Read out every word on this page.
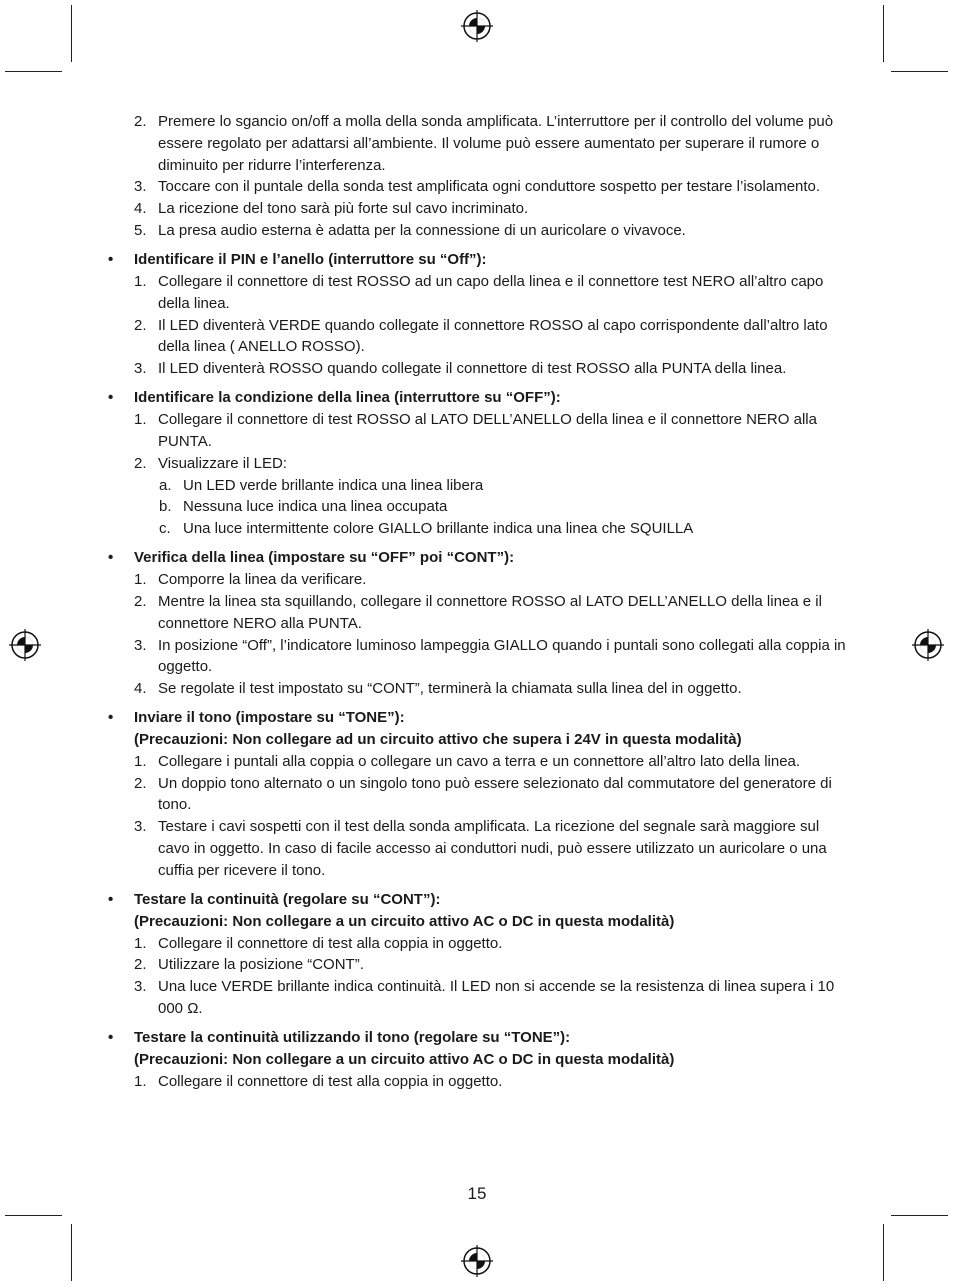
2. Premere lo sgancio on/off a molla della sonda amplificata. L’interruttore per il controllo del volume può essere regolato per adattarsi all’ambiente. Il volume può essere aumentato per superare il rumore o diminuito per ridurre l’interferenza.
3. Toccare con il puntale della sonda test amplificata ogni conduttore sospetto per testare l’isolamento.
4. La ricezione del tono sarà più forte sul cavo incriminato.
5. La presa audio esterna è adatta per la connessione di un auricolare o vivavoce.
• Identificare il PIN e l’anello (interruttore su “Off”):
1. Collegare il connettore di test ROSSO ad un capo della linea e il connettore test NERO all’altro capo della linea.
2. Il LED diventerà VERDE quando collegate il connettore ROSSO al capo corrispondente dall’altro lato della linea ( ANELLO ROSSO).
3. Il LED diventerà ROSSO quando collegate il connettore di test ROSSO alla PUNTA della linea.
• Identificare la condizione della linea (interruttore su “OFF”):
1. Collegare il connettore di test ROSSO al LATO DELL’ANELLO della linea e il connettore NERO alla PUNTA.
2. Visualizzare il LED:
a. Un LED verde brillante indica una linea libera
b. Nessuna luce indica una linea occupata
c. Una luce intermittente colore GIALLO brillante indica una linea che SQUILLA
• Verifica della linea (impostare su “OFF” poi “CONT”):
1. Comporre la linea da verificare.
2. Mentre la linea sta squillando, collegare il connettore ROSSO al LATO DELL’ANELLO della linea e il connettore NERO alla PUNTA.
3. In posizione “Off”, l’indicatore luminoso lampeggia GIALLO quando i puntali sono collegati alla coppia in oggetto.
4. Se regolate il test impostato su “CONT”, terminerà la chiamata sulla linea del in oggetto.
• Inviare il tono (impostare su “TONE”):
(Precauzioni: Non collegare ad un circuito attivo che supera i 24V in questa modalità)
1. Collegare i puntali alla coppia o collegare un cavo a terra e un connettore all’altro lato della linea.
2. Un doppio tono alternato o un singolo tono può essere selezionato dal commutatore del generatore di tono.
3. Testare i cavi sospetti con il test della sonda amplificata. La ricezione del segnale sarà maggiore sul cavo in oggetto. In caso di facile accesso ai conduttori nudi, può essere utilizzato un auricolare o una cuffia per ricevere il tono.
• Testare la continuità (regolare su “CONT”):
(Precauzioni: Non collegare a un circuito attivo AC o DC in questa modalità)
1. Collegare il connettore di test alla coppia in oggetto.
2. Utilizzare la posizione “CONT”.
3. Una luce VERDE brillante indica continuità. Il LED non si accende se la resistenza di linea supera i 10 000 Ω.
• Testare la continuità utilizzando il tono (regolare su “TONE”):
(Precauzioni: Non collegare a un circuito attivo AC o DC in questa modalità)
1. Collegare il connettore di test alla coppia in oggetto.
15
